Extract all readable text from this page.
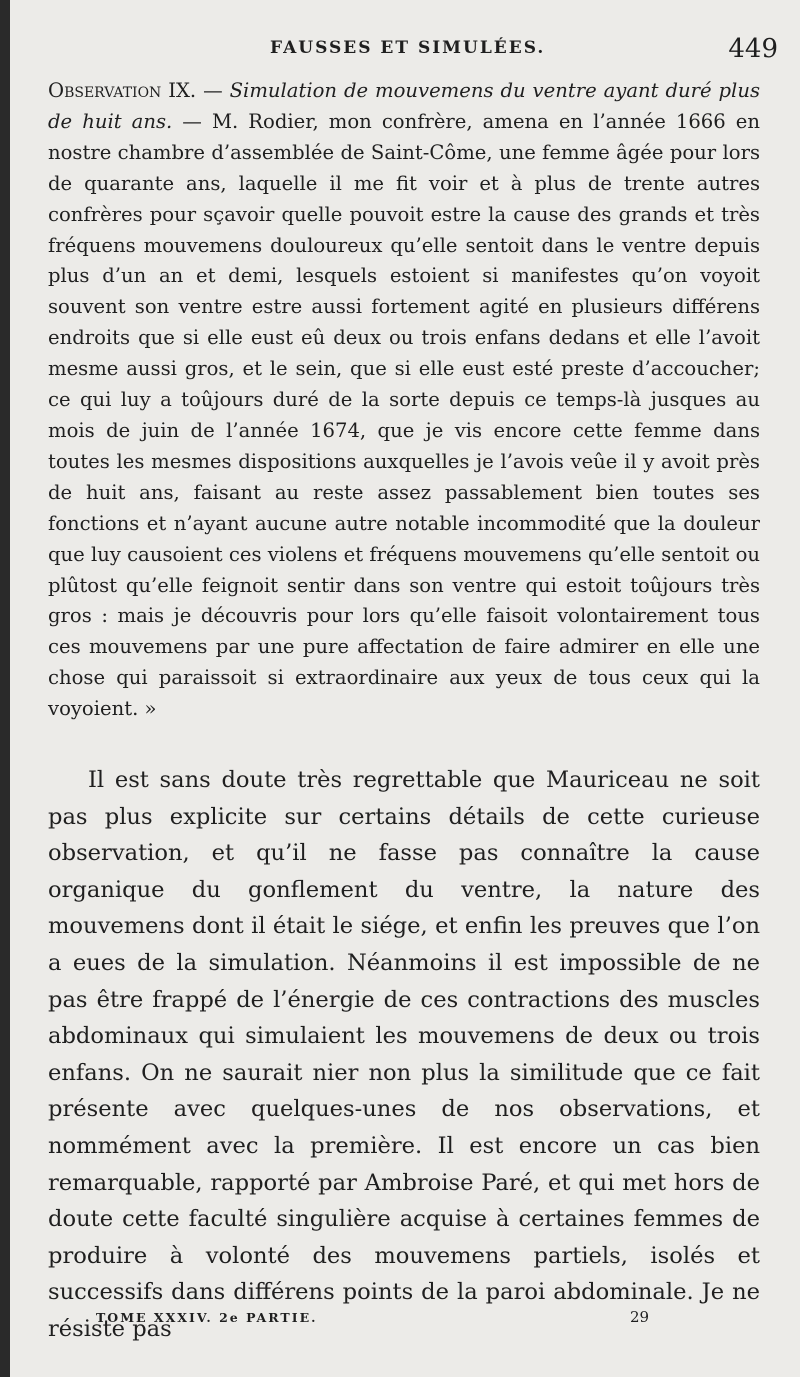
FAUSSES ET SIMULÉES.	449

Observation IX. — Simulation de mouvemens du ventre ayant duré plus de huit ans. — M. Rodier, mon confrère, amena en l’année 1666 en nostre chambre d’assemblée de Saint-Côme, une femme âgée pour lors de quarante ans, laquelle il me fit voir et à plus de trente autres confrères pour sçavoir quelle pouvoit estre la cause des grands et très fréquens mouvemens douloureux qu’elle sentoit dans le ventre depuis plus d’un an et demi, lesquels estoient si manifestes qu’on voyoit souvent son ventre estre aussi fortement agité en plusieurs différens endroits que si elle eust eû deux ou trois enfans dedans et elle l’avoit mesme aussi gros, et le sein, que si elle eust esté preste d’accoucher; ce qui luy a toûjours duré de la sorte depuis ce temps-là jusques au mois de juin de l’année 1674, que je vis encore cette femme dans toutes les mesmes dispositions auxquelles je l’avois veûe il y avoit près de huit ans, faisant au reste assez passablement bien toutes ses fonctions et n’ayant aucune autre notable incommodité que la douleur que luy causoient ces violens et fréquens mouvemens qu’elle sentoit ou plûtost qu’elle feignoit sentir dans son ventre qui estoit toûjours très gros : mais je découvris pour lors qu’elle faisoit volontairement tous ces mouvemens par une pure affectation de faire admirer en elle une chose qui paraissoit si extraordinaire aux yeux de tous ceux qui la voyoient. »

Il est sans doute très regrettable que Mauriceau ne soit pas plus explicite sur certains détails de cette curieuse observation, et qu’il ne fasse pas connaître la cause organique du gonflement du ventre, la nature des mouvemens dont il était le siége, et enfin les preuves que l’on a eues de la simulation. Néanmoins il est impossible de ne pas être frappé de l’énergie de ces contractions des muscles abdominaux qui simulaient les mouvemens de deux ou trois enfans. On ne saurait nier non plus la similitude que ce fait présente avec quelques-unes de nos observations, et nommément avec la première. Il est encore un cas bien remarquable, rapporté par Ambroise Paré, et qui met hors de doute cette faculté singulière acquise à certaines femmes de produire à volonté des mouvemens partiels, isolés et successifs dans différens points de la paroi abdominale. Je ne résiste pas

TOME XXXIV. 2e PARTIE.	29
